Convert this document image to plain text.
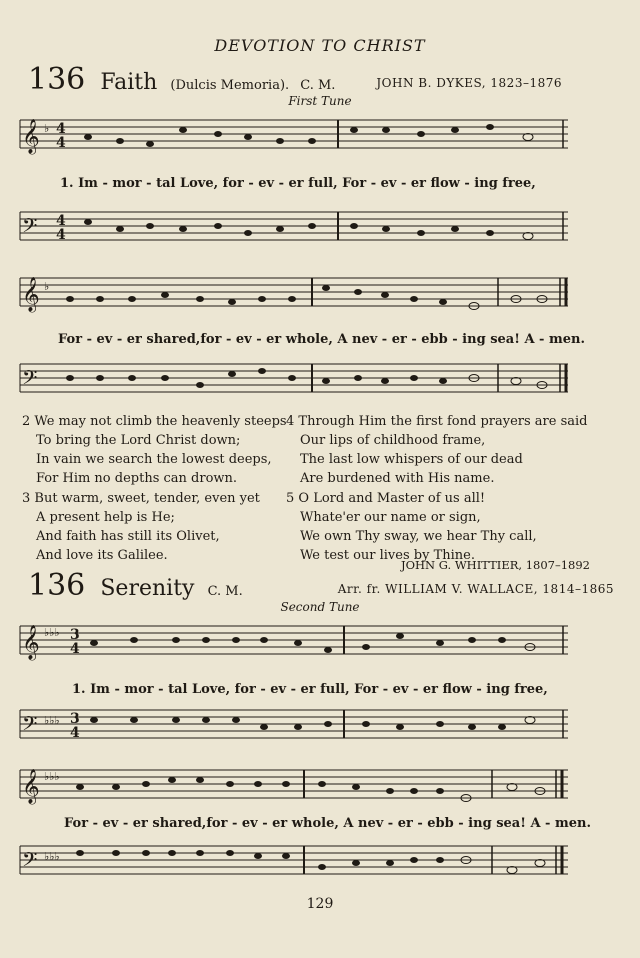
DEVOTION TO CHRIST
136 Faith (Dulcis Memoria). C. M.	JOHN B. DYKES, 1823–1876
First Tune
𝄞 ♭ 4
4
1. Im - mor - tal Love, for - ev - er full, For - ev - er flow - ing free,
𝄢 4
4
𝄞 ♭
For - ev - er shared,for - ev - er whole, A nev - er - ebb - ing sea! A - men.
𝄢
2 We may not climb the heavenly steeps
To bring the Lord Christ down;
In vain we search the lowest deeps,
For Him no depths can drown.
4 Through Him the first fond prayers are said
Our lips of childhood frame,
The last low whispers of our dead
Are burdened with His name.
3 But warm, sweet, tender, even yet
A present help is He;
And faith has still its Olivet,
And love its Galilee.
5 O Lord and Master of us all!
Whate'er our name or sign,
We own Thy sway, we hear Thy call,
We test our lives by Thine.
JOHN G. WHITTIER, 1807–1892
136 Serenity C. M.	Arr. fr. WILLIAM V. WALLACE, 1814–1865
Second Tune
𝄞 ♭♭♭ 3
4
1. Im - mor - tal Love, for - ev - er full, For - ev - er flow - ing free,
𝄢 ♭♭♭ 3
4
𝄞 ♭♭♭
For - ev - er shared,for - ev - er whole, A nev - er - ebb - ing sea! A - men.
𝄢 ♭♭♭
129
